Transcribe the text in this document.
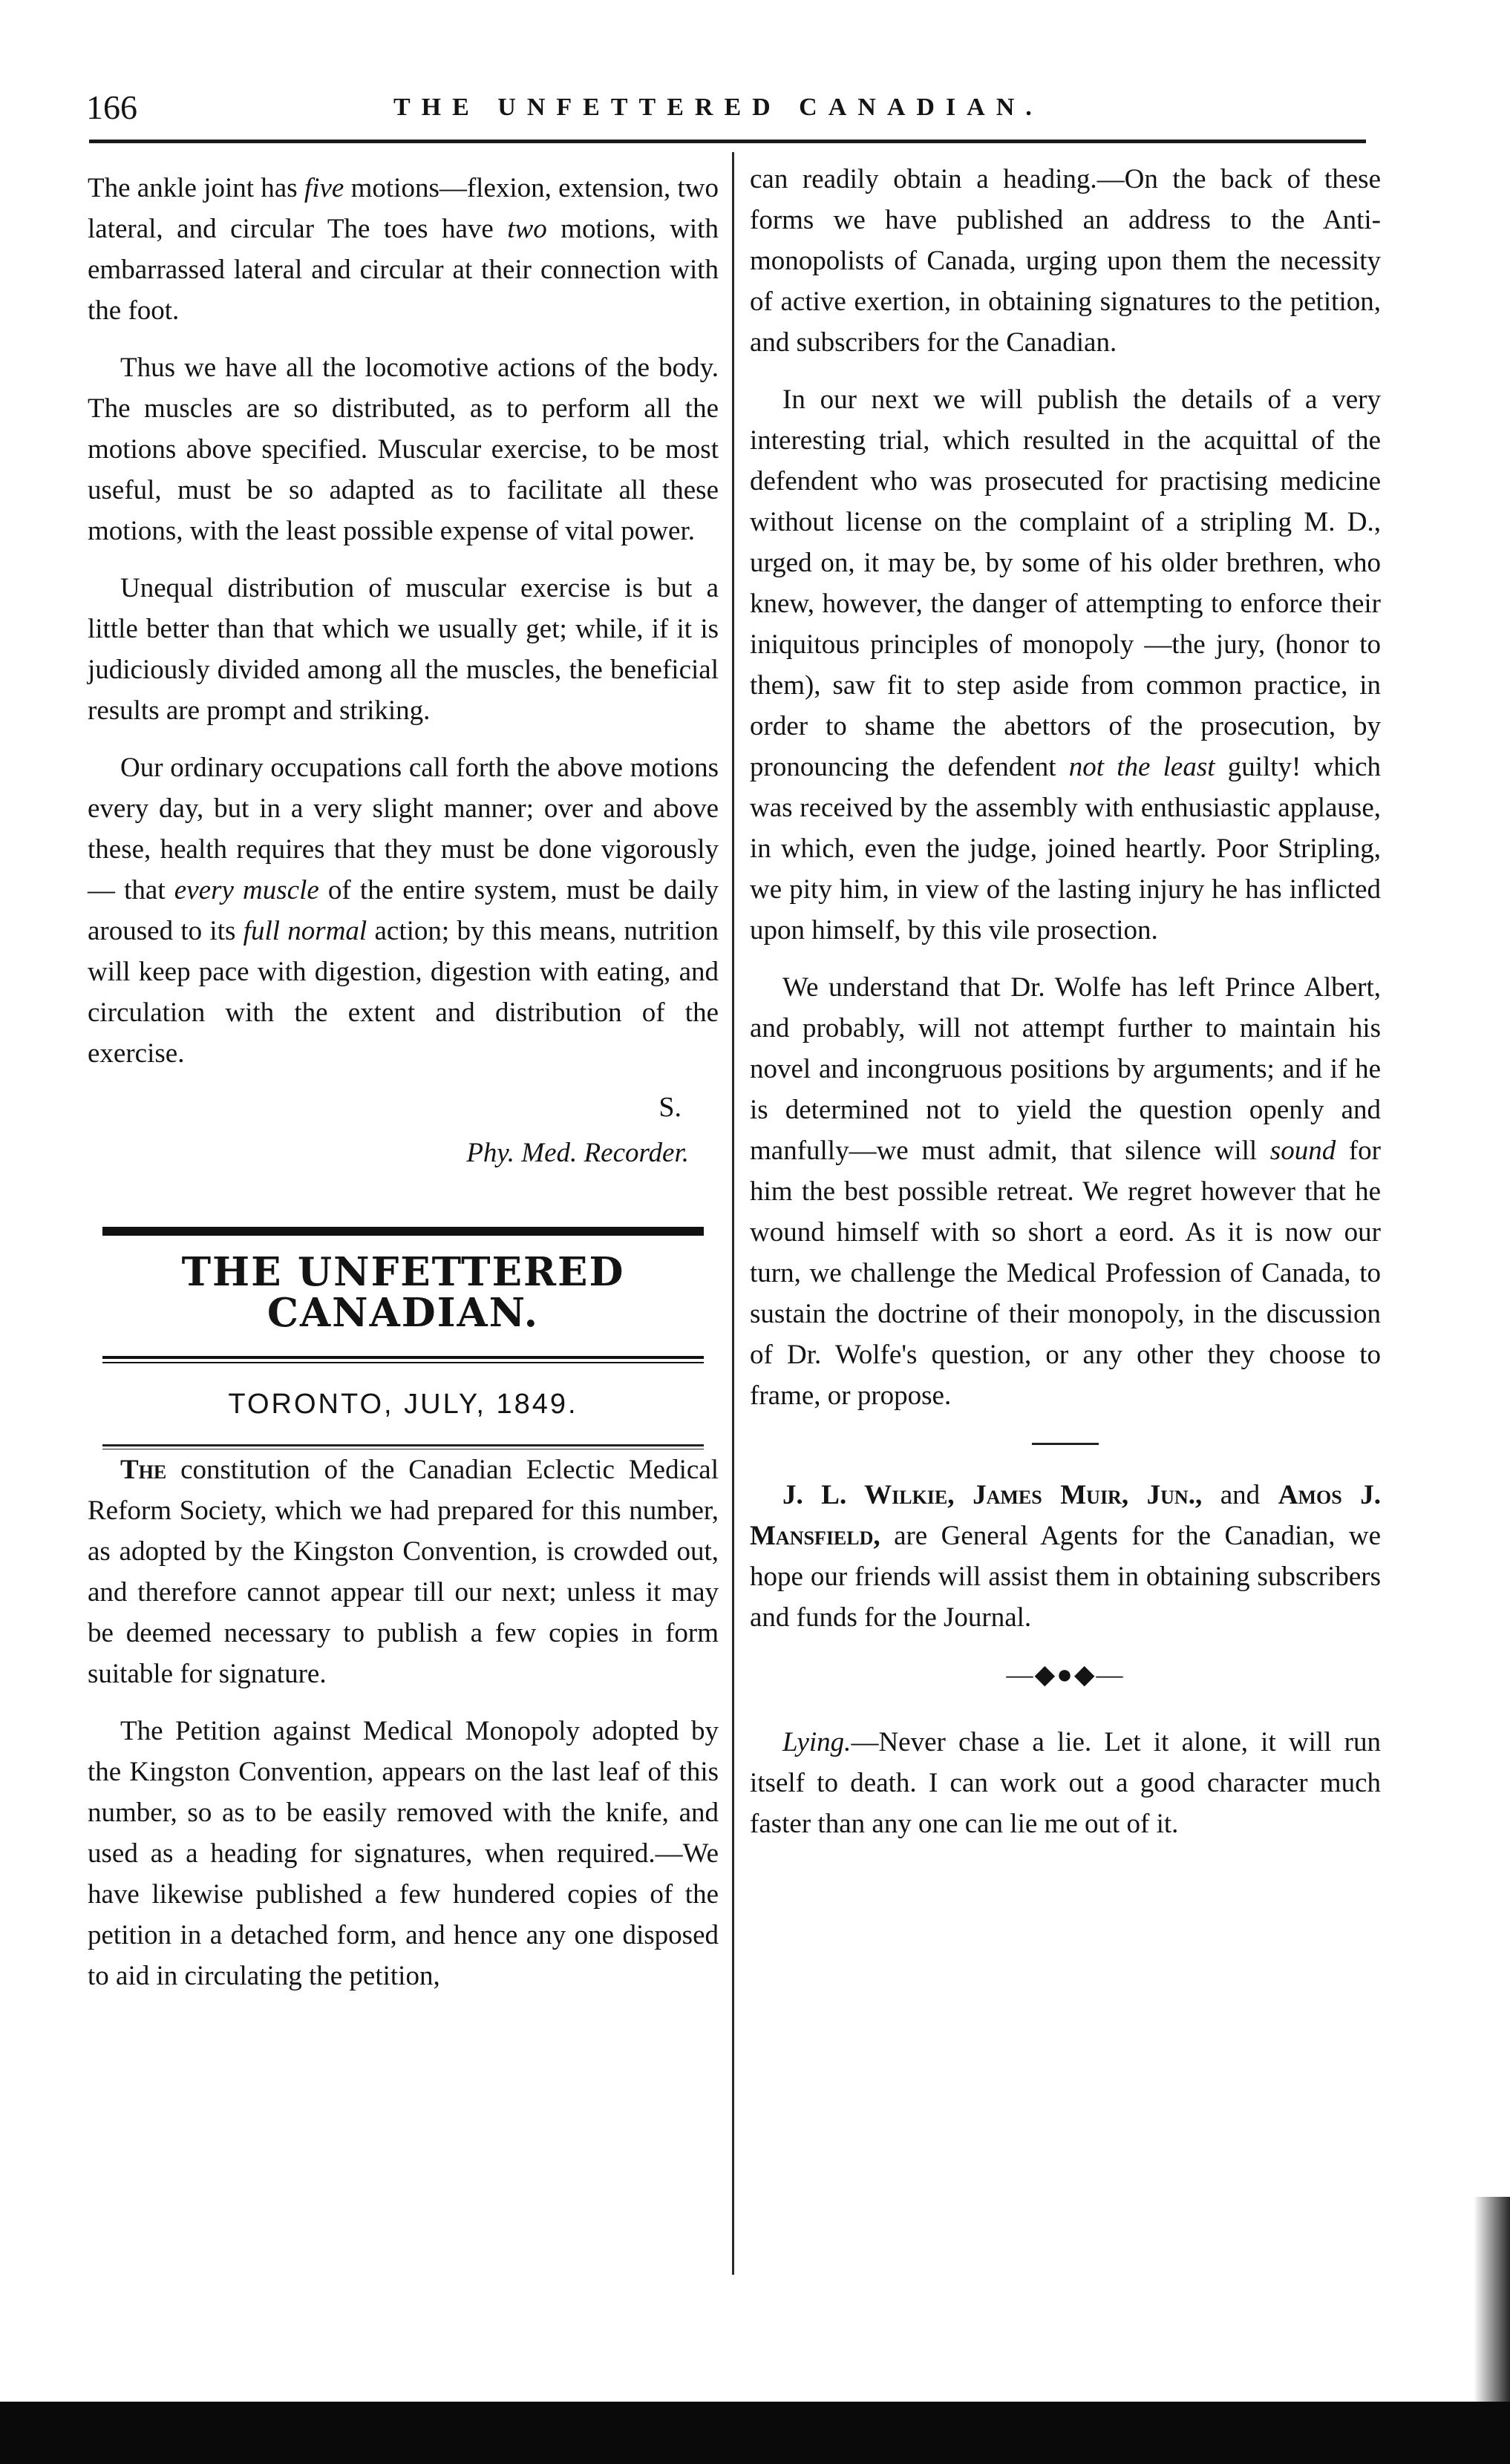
166	THE UNFETTERED CANADIAN.

The ankle joint has five motions—flexion, extension, two lateral, and circular The toes have two motions, with embarrassed lateral and circular at their connection with the foot.

Thus we have all the locomotive actions of the body. The muscles are so distributed, as to perform all the motions above specified. Muscular exercise, to be most useful, must be so adapted as to facilitate all these motions, with the least possible expense of vital power.

Unequal distribution of muscular exercise is but a little better than that which we usually get; while, if it is judiciously divided among all the muscles, the beneficial results are prompt and striking.

Our ordinary occupations call forth the above motions every day, but in a very slight manner; over and above these, health requires that they must be done vigorously — that every muscle of the entire system, must be daily aroused to its full normal action; by this means, nutrition will keep pace with digestion, digestion with eating, and circulation with the extent and distribution of the exercise.

S.
Phy. Med. Recorder.
THE UNFETTERED CANADIAN.
TORONTO, JULY, 1849.

The constitution of the Canadian Eclectic Medical Reform Society, which we had prepared for this number, as adopted by the Kingston Convention, is crowded out, and therefore cannot appear till our next; unless it may be deemed necessary to publish a few copies in form suitable for signature.

The Petition against Medical Monopoly adopted by the Kingston Convention, appears on the last leaf of this number, so as to be easily removed with the knife, and used as a heading for signatures, when required.—We have likewise published a few hundered copies of the petition in a detached form, and hence any one disposed to aid in circulating the petition,

can readily obtain a heading.—On the back of these forms we have published an address to the Anti-monopolists of Canada, urging upon them the necessity of active exertion, in obtaining signatures to the petition, and subscribers for the Canadian.

In our next we will publish the details of a very interesting trial, which resulted in the acquittal of the defendent who was prosecuted for practising medicine without license on the complaint of a stripling M. D., urged on, it may be, by some of his older brethren, who knew, however, the danger of attempting to enforce their iniquitous principles of monopoly —the jury, (honor to them), saw fit to step aside from common practice, in order to shame the abettors of the prosecution, by pronouncing the defendent not the least guilty! which was received by the assembly with enthusiastic applause, in which, even the judge, joined heartly. Poor Stripling, we pity him, in view of the lasting injury he has inflicted upon himself, by this vile prosection.

We understand that Dr. Wolfe has left Prince Albert, and probably, will not attempt further to maintain his novel and incongruous positions by arguments; and if he is determined not to yield the question openly and manfully—we must admit, that silence will sound for him the best possible retreat. We regret however that he wound himself with so short a eord. As it is now our turn, we challenge the Medical Profession of Canada, to sustain the doctrine of their monopoly, in the discussion of Dr. Wolfe's question, or any other they choose to frame, or propose.

J. L. Wilkie, James Muir, Jun., and Amos J. Mansfield, are General Agents for the Canadian, we hope our friends will assist them in obtaining subscribers and funds for the Journal.

—◆●◆—

Lying.—Never chase a lie. Let it alone, it will run itself to death. I can work out a good character much faster than any one can lie me out of it.
